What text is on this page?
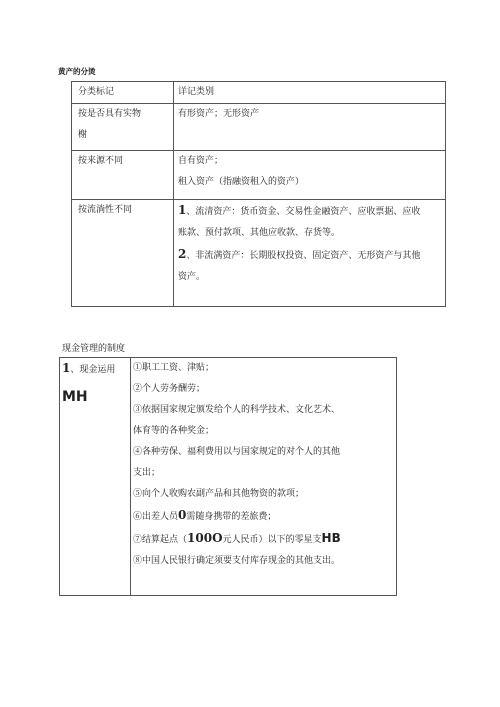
黄产的分烫
分类标记	详记类别

按是否具有实物
榭	有形资产；无形资产

按来源不同	自有资产；
租入资产（指融资租入的资产）

按流淌性不同	1、流清资产：货币资金、交易性金融资产、应收票据、应收
账款、预付款项、其他应收款、存货等。
2、非流满资产：长期股权投资、固定资产、无形资产与其他
资产。
现金管理的制度
1、现金运用
MH

①职工工资、津贴；
②个人劳务酬劳；
③依据国家规定颁发给个人的科学技术、文化艺术、
体育等的各种奖金；
④各种劳保、福利费用以与国家规定的对个人的其他
支出；
⑤向个人收购农副产品和其他物资的款项；
⑥出差人员0需随身携带的差旅费；
⑦结算起点（100O元人民币）以下的零星支HB
⑧中国人民银行确定须要支付库存现金的其他支出。
